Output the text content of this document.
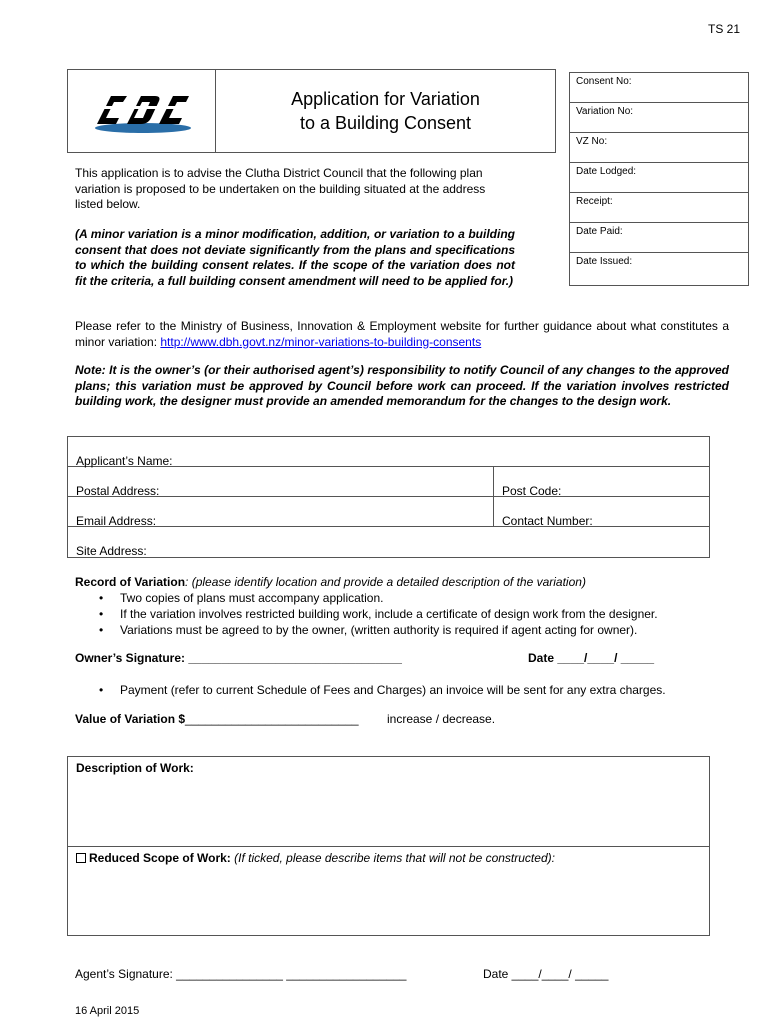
TS 21
Application for Variation
to a Building Consent
Consent No:
Variation No:
VZ No:
Date Lodged:
Receipt:
Date Paid:
Date Issued:
This application is to advise the Clutha District Council that the following plan variation is proposed to be undertaken on the building situated at the address listed below.
(A minor variation is a minor modification, addition, or variation to a building consent that does not deviate significantly from the plans and specifications to which the building consent relates. If the scope of the variation does not fit the criteria, a full building consent amendment will need to be applied for.)
Please refer to the Ministry of Business, Innovation & Employment website for further guidance about what constitutes a minor variation: http://www.dbh.govt.nz/minor-variations-to-building-consents
Note: It is the owner’s (or their authorised agent’s) responsibility to notify Council of any changes to the approved plans; this variation must be approved by Council before work can proceed. If the variation involves restricted building work, the designer must provide an amended memorandum for the changes to the design work.
Applicant’s Name:
Postal Address:	Post Code:
Email Address:	Contact Number:
Site Address:
Record of Variation: (please identify location and provide a detailed description of the variation)
• Two copies of plans must accompany application.
• If the variation involves restricted building work, include a certificate of design work from the designer.
• Variations must be agreed to by the owner, (written authority is required if agent acting for owner).
Owner’s Signature: ________________________________	Date ____/____/ _____
• Payment (refer to current Schedule of Fees and Charges) an invoice will be sent for any extra charges.
Value of Variation $__________________________ increase / decrease.
Description of Work:
Reduced Scope of Work: (If ticked, please describe items that will not be constructed):
Agent’s Signature: ________________ __________________	Date ____/____/ _____
16 April 2015
